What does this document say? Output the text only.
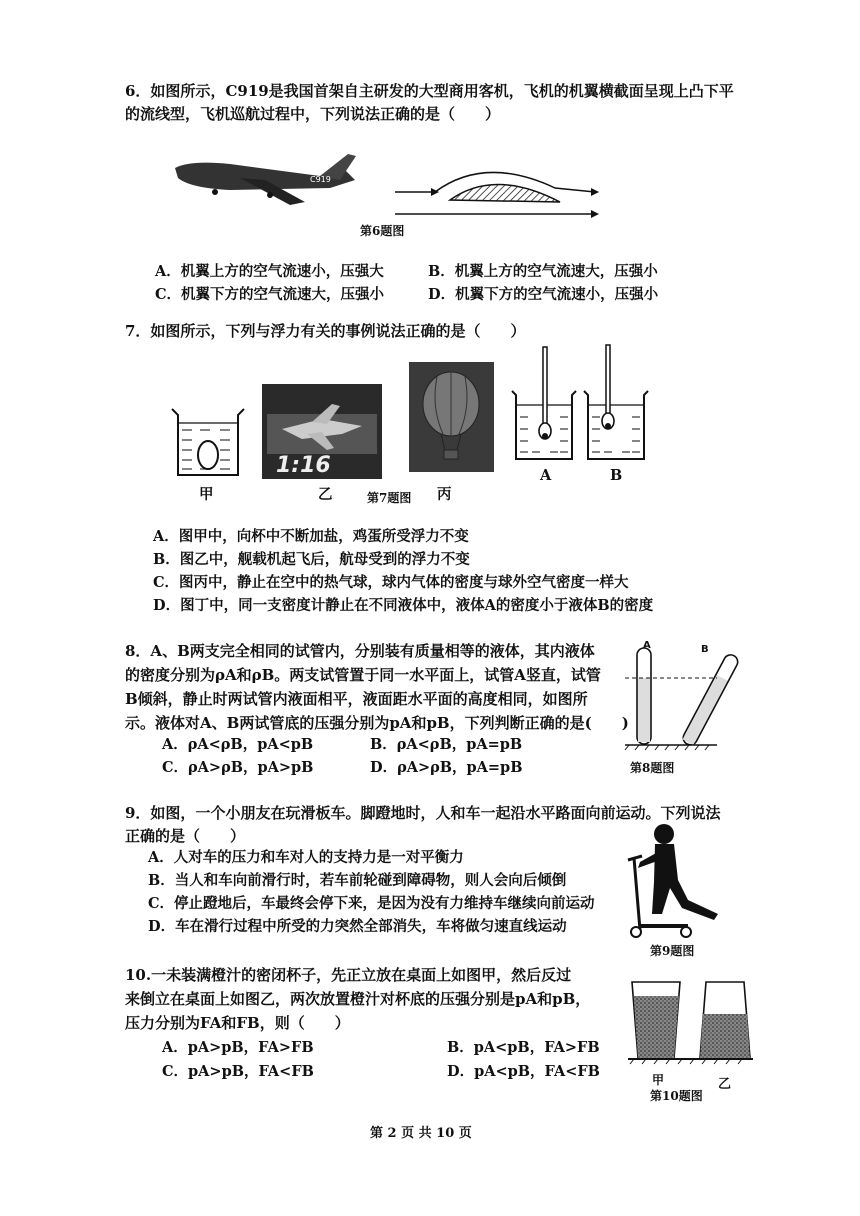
6．如图所示，C919是我国首架自主研发的大型商用客机，飞机的机翼横截面呈现上凸下平
的流线型，飞机巡航过程中，下列说法正确的是（　　）
C919
第6题图
A．机翼上方的空气流速小，压强大	B．机翼上方的空气流速大，压强小
C．机翼下方的空气流速大，压强小	D．机翼下方的空气流速小，压强小
7．如图所示，下列与浮力有关的事例说法正确的是（　　）
甲
1:16
乙	第7题图 丙
A	B
A．图甲中，向杯中不断加盐，鸡蛋所受浮力不变
B．图乙中，舰载机起飞后，航母受到的浮力不变
C．图丙中，静止在空中的热气球，球内气体的密度与球外空气密度一样大
D．图丁中，同一支密度计静止在不同液体中，液体A的密度小于液体B的密度
8．A、B两支完全相同的试管内，分别装有质量相等的液体，其内液体
的密度分别为ρA和ρB。两支试管置于同一水平面上，试管A竖直，试管
B倾斜，静止时两试管内液面相平，液面距水平面的高度相同，如图所
示。液体对A、B两试管底的压强分别为pA和pB，下列判断正确的是(　　)
A．ρA<ρB，pA<pB	B．ρA<ρB，pA=pB
C．ρA>ρB，pA>pB	D．ρA>ρB，pA=pB
A	B
第8题图
9．如图，一个小朋友在玩滑板车。脚蹬地时，人和车一起沿水平路面向前运动。下列说法
正确的是（　　）
A．人对车的压力和车对人的支持力是一对平衡力
B．当人和车向前滑行时，若车前轮碰到障碍物，则人会向后倾倒
C．停止蹬地后，车最终会停下来，是因为没有力维持车继续向前运动
D．车在滑行过程中所受的力突然全部消失，车将做匀速直线运动
第9题图
10.一未装满橙汁的密闭杯子，先正立放在桌面上如图甲，然后反过
来倒立在桌面上如图乙，两次放置橙汁对杯底的压强分别是pA和pB，
压力分别为FA和FB，则（　　）
A．pA>pB，FA>FB	B．pA<pB，FA>FB
C．pA>pB，FA<FB	D．pA<pB，FA<FB	甲	乙
第10题图
第 2 页 共 10 页
